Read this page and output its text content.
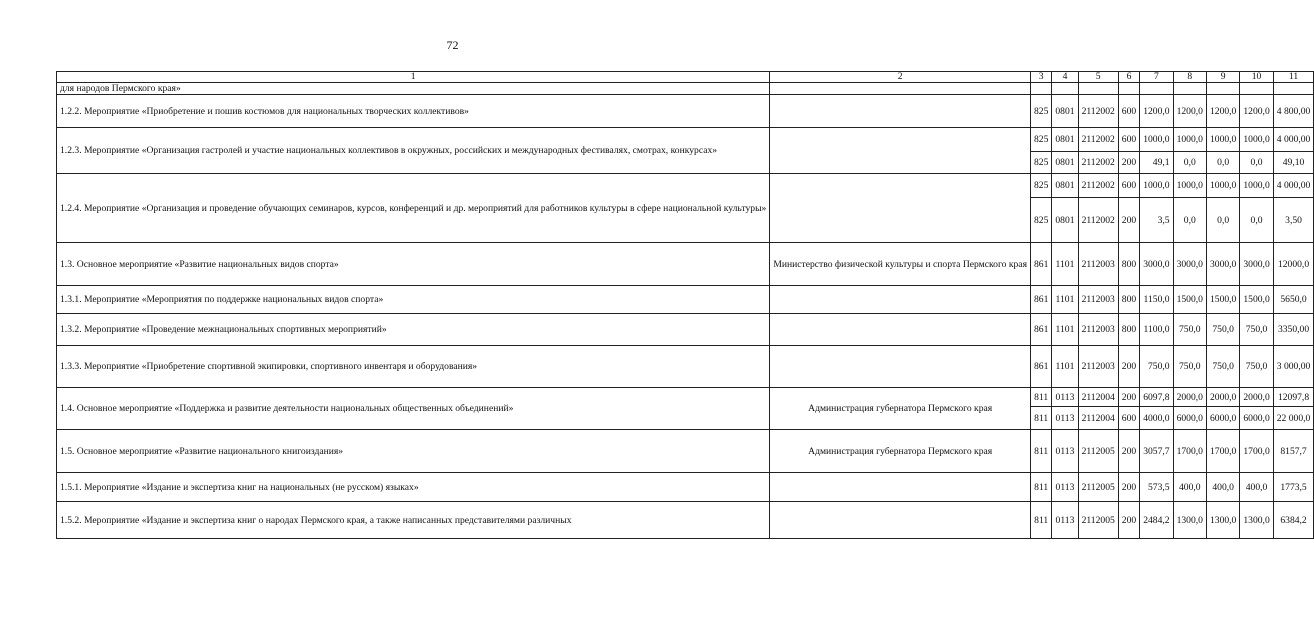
72
1	2	3	4	5	6	7	8	9	10	11
для народов Пермского края»										
1.2.2. Мероприятие «Приобретение и пошив костюмов для национальных творческих коллективов»		825	0801	2112002	600	1200,0	1200,0	1200,0	1200,0	4 800,00
1.2.3. Мероприятие «Организация гастролей и участие национальных коллективов в окружных, российских и международных фестивалях, смотрах, конкурсах»		825	0801	2112002	600	1000,0	1000,0	1000,0	1000,0	4 000,00
		825	0801	2112002	200	49,1	0,0	0,0	0,0	49,10
1.2.4. Мероприятие «Организация и проведение обучающих семинаров, курсов, конференций и др. мероприятий для работников культуры в сфере национальной культуры»		825	0801	2112002	600	1000,0	1000,0	1000,0	1000,0	4 000,00
		825	0801	2112002	200	3,5	0,0	0,0	0,0	3,50
1.3. Основное мероприятие «Развитие национальных видов спорта»	Министерство физической культуры и спорта Пермского края	861	1101	2112003	800	3000,0	3000,0	3000,0	3000,0	12000,0
1.3.1. Мероприятие «Мероприятия по поддержке национальных видов спорта»		861	1101	2112003	800	1150,0	1500,0	1500,0	1500,0	5650,0
1.3.2. Мероприятие «Проведение межнациональных спортивных мероприятий»		861	1101	2112003	800	1100,0	750,0	750,0	750,0	3350,00
1.3.3. Мероприятие «Приобретение спортивной экипировки, спортивного инвентаря и оборудования»		861	1101	2112003	200	750,0	750,0	750,0	750,0	3 000,00
1.4. Основное мероприятие «Поддержка и развитие деятельности национальных общественных объединений»	Администрация губернатора Пермского края	811	0113	2112004	200	6097,8	2000,0	2000,0	2000,0	12097,8
		811	0113	2112004	600	4000,0	6000,0	6000,0	6000,0	22 000,0
1.5. Основное мероприятие «Развитие национального книгоиздания»	Администрация губернатора Пермского края	811	0113	2112005	200	3057,7	1700,0	1700,0	1700,0	8157,7
1.5.1. Мероприятие «Издание и экспертиза книг на национальных (не русском) языках»		811	0113	2112005	200	573,5	400,0	400,0	400,0	1773,5
1.5.2. Мероприятие «Издание и экспертиза книг о народах Пермского края, а также написанных представителями различных		811	0113	2112005	200	2484,2	1300,0	1300,0	1300,0	6384,2
